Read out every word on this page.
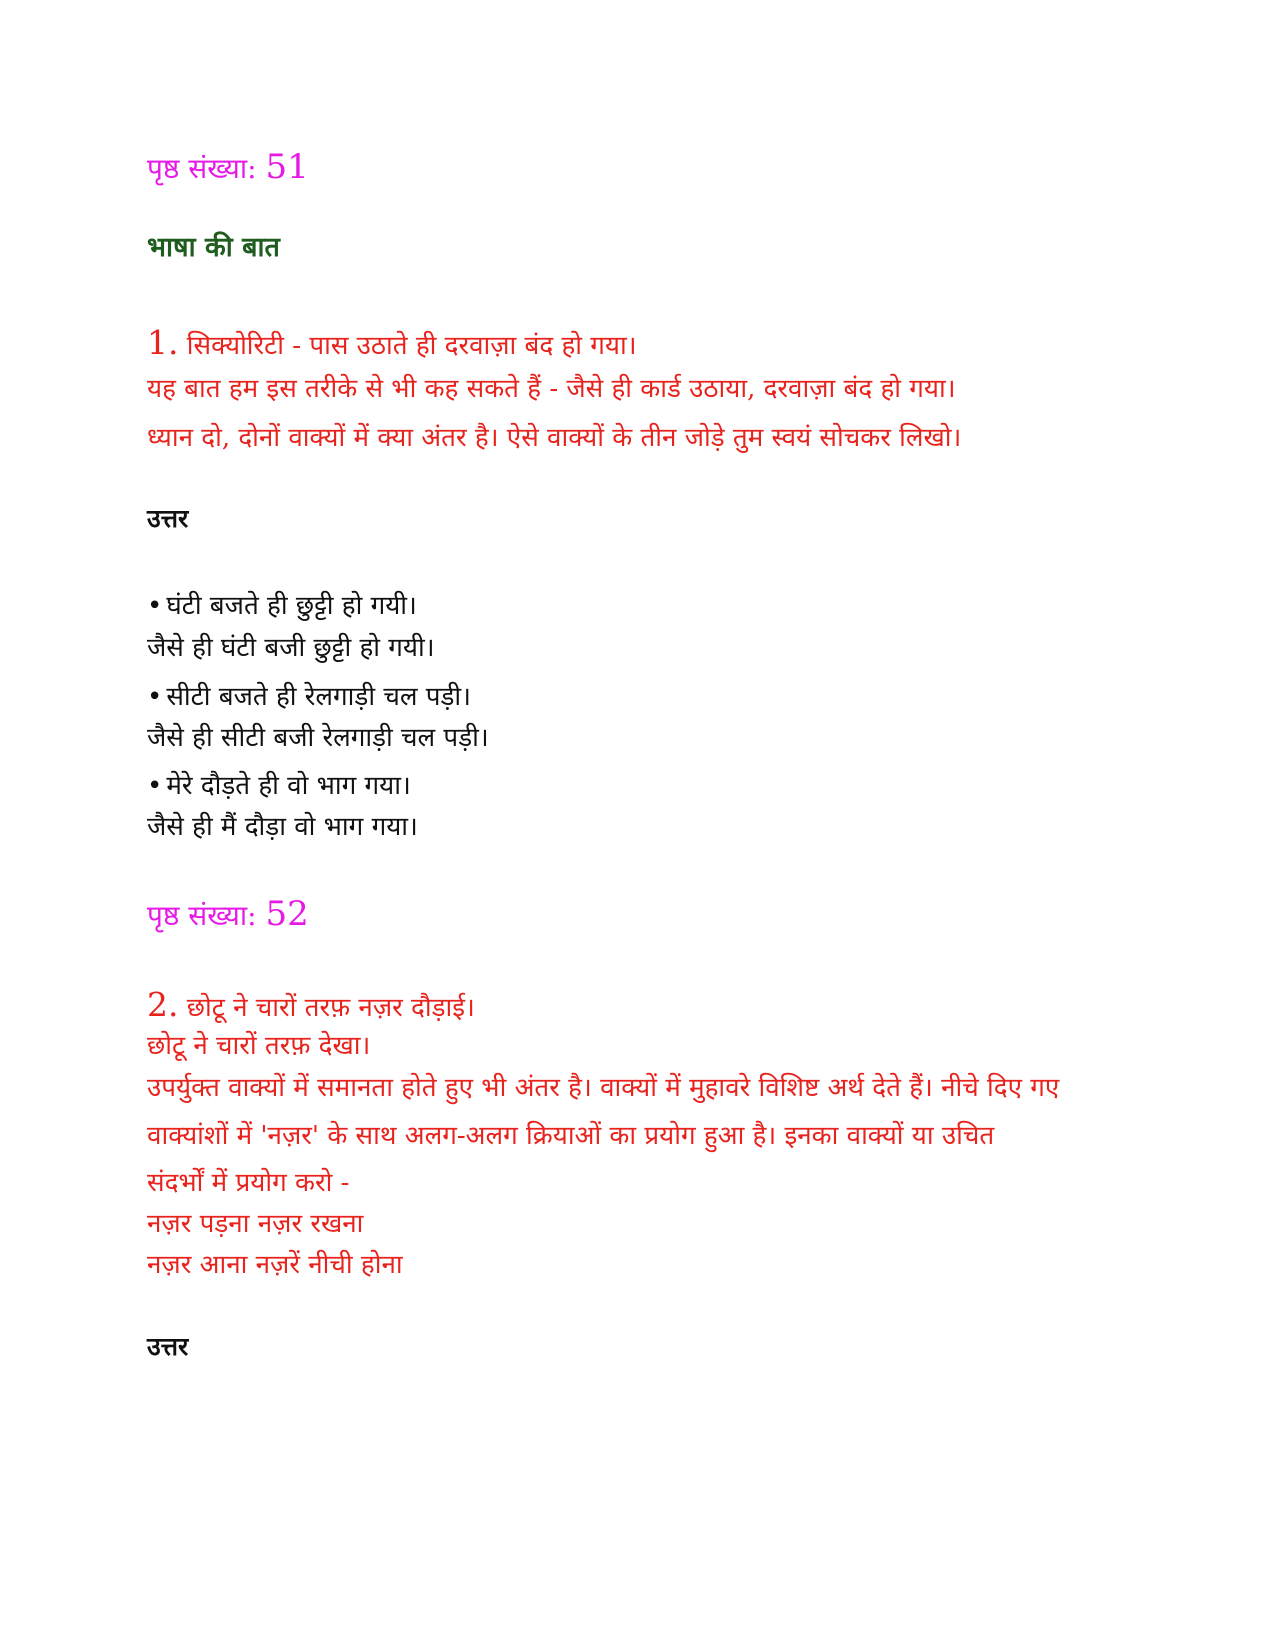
पृष्ठ संख्या: 51
भाषा की बात
1. सिक्योरिटी - पास उठाते ही दरवाज़ा बंद हो गया।
यह बात हम इस तरीके से भी कह सकते हैं - जैसे ही कार्ड उठाया, दरवाज़ा बंद हो गया।
ध्यान दो, दोनों वाक्यों में क्या अंतर है। ऐसे वाक्यों के तीन जोड़े तुम स्वयं सोचकर लिखो।
उत्तर
• घंटी बजते ही छुट्टी हो गयी।
जैसे ही घंटी बजी छुट्टी हो गयी।
• सीटी बजते ही रेलगाड़ी चल पड़ी।
जैसे ही सीटी बजी रेलगाड़ी चल पड़ी।
• मेरे दौड़ते ही वो भाग गया।
जैसे ही मैं दौड़ा वो भाग गया।
पृष्ठ संख्या: 52
2. छोटू ने चारों तरफ़ नज़र दौड़ाई।
छोटू ने चारों तरफ़ देखा।
उपर्युक्त वाक्यों में समानता होते हुए भी अंतर है। वाक्यों में मुहावरे विशिष्ट अर्थ देते हैं। नीचे दिए गए
वाक्यांशों में 'नज़र' के साथ अलग-अलग क्रियाओं का प्रयोग हुआ है। इनका वाक्यों या उचित
संदर्भों में प्रयोग करो -
नज़र पड़ना नज़र रखना
नज़र आना नज़रें नीची होना
उत्तर
